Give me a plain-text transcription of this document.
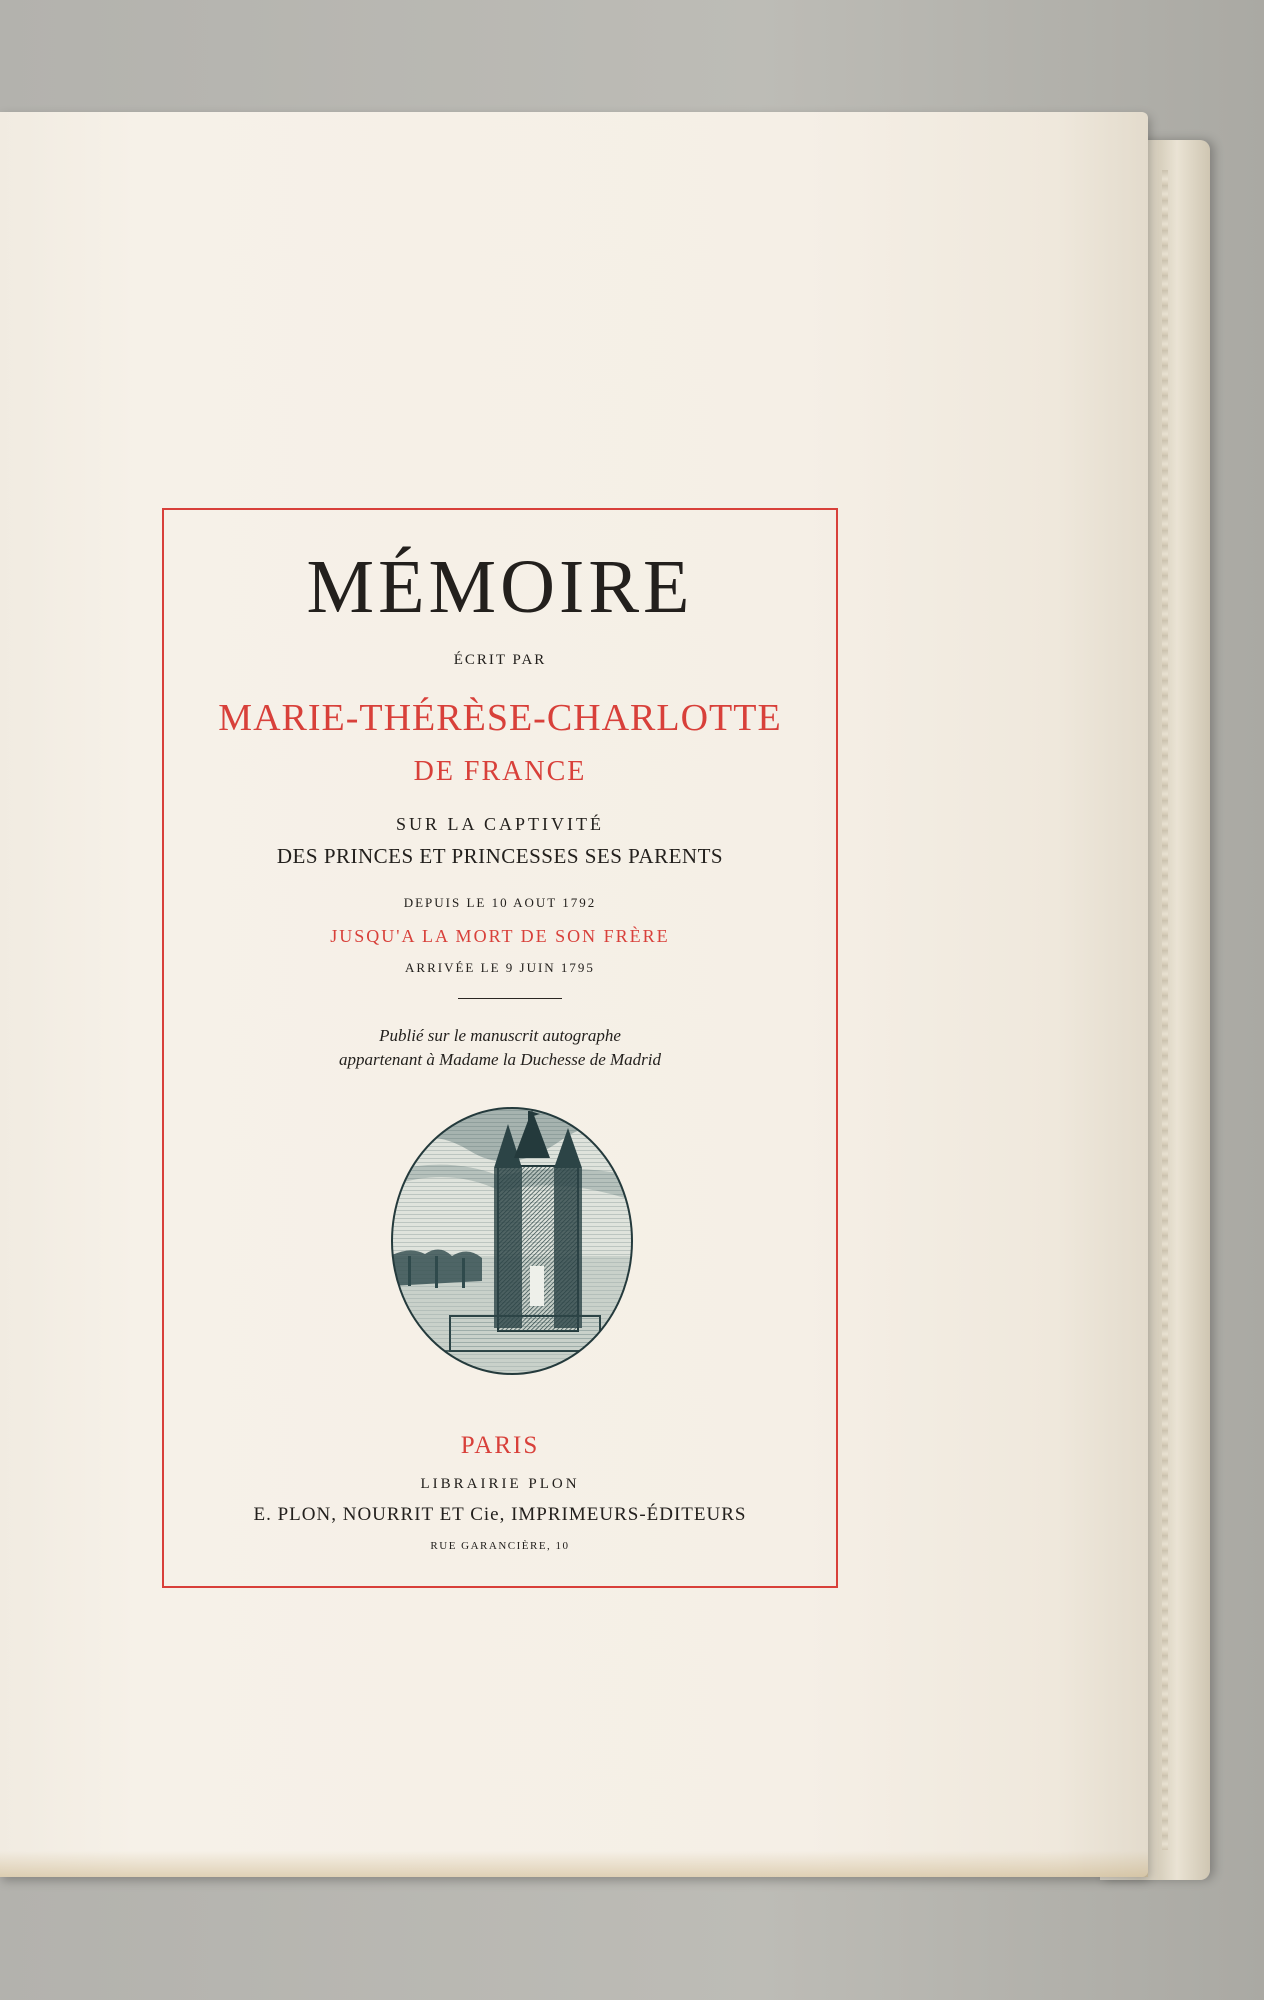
MÉMOIRE

ÉCRIT PAR

MARIE-THÉRÈSE-CHARLOTTE

DE FRANCE

SUR LA CAPTIVITÉ

DES PRINCES ET PRINCESSES SES PARENTS

DEPUIS LE 10 AOUT 1792

JUSQU'A LA MORT DE SON FRÈRE

ARRIVÉE LE 9 JUIN 1795

Publié sur le manuscrit autographe

appartenant à Madame la Duchesse de Madrid

PARIS

LIBRAIRIE PLON

E. PLON, NOURRIT ET Cie, IMPRIMEURS-ÉDITEURS

RUE GARANCIÈRE, 10
